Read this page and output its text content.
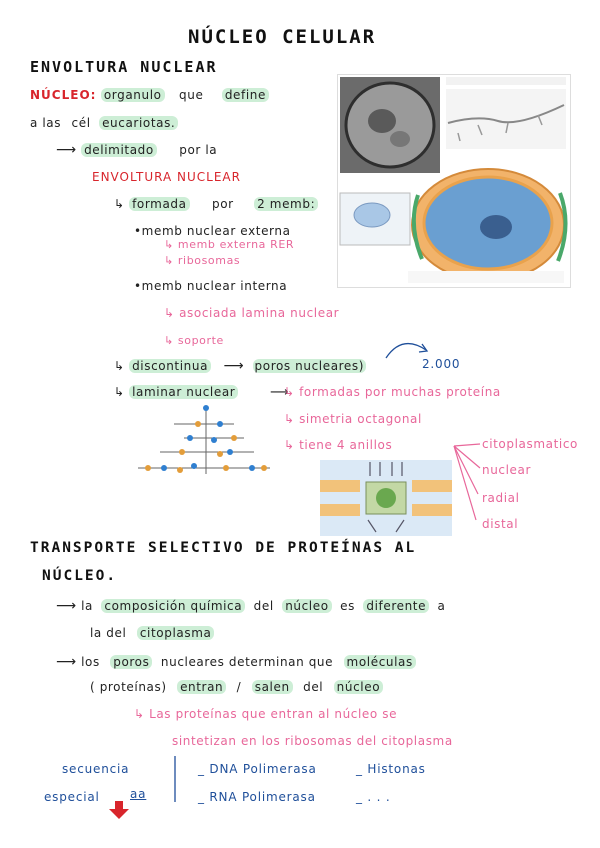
NÚCLEO CELULAR
ENVOLTURA NUCLEAR
NÚCLEO: organulo que define
a las cél eucariotas.
⟶ delimitado por la
ENVOLTURA NUCLEAR
↳ formada por 2 memb:
•memb nuclear externa
↳ memb externa RER
↳ ribosomas
•memb nuclear interna
↳ asociada lamina nuclear
↳ soporte
↳ discontinua ⟶ poros nucleares)	2.000
↳ laminar nuclear	⟶
↳ formadas por muchas proteína
↳ simetria octagonal
↳ tiene 4 anillos	citoplasmatico
nuclear
radial
distal
TRANSPORTE SELECTIVO DE PROTEÍNAS AL
NÚCLEO.
⟶ la composición química del núcleo es diferente a
la del citoplasma
⟶ los poros nucleares determinan que moléculas
( proteínas) entran / salen del núcleo
↳ Las proteínas que entran al núcleo se
sintetizan en los ribosomas del citoplasma
secuencia
especial	aa
_ DNA Polimerasa
_ RNA Polimerasa
_ Histonas
_ . . .
